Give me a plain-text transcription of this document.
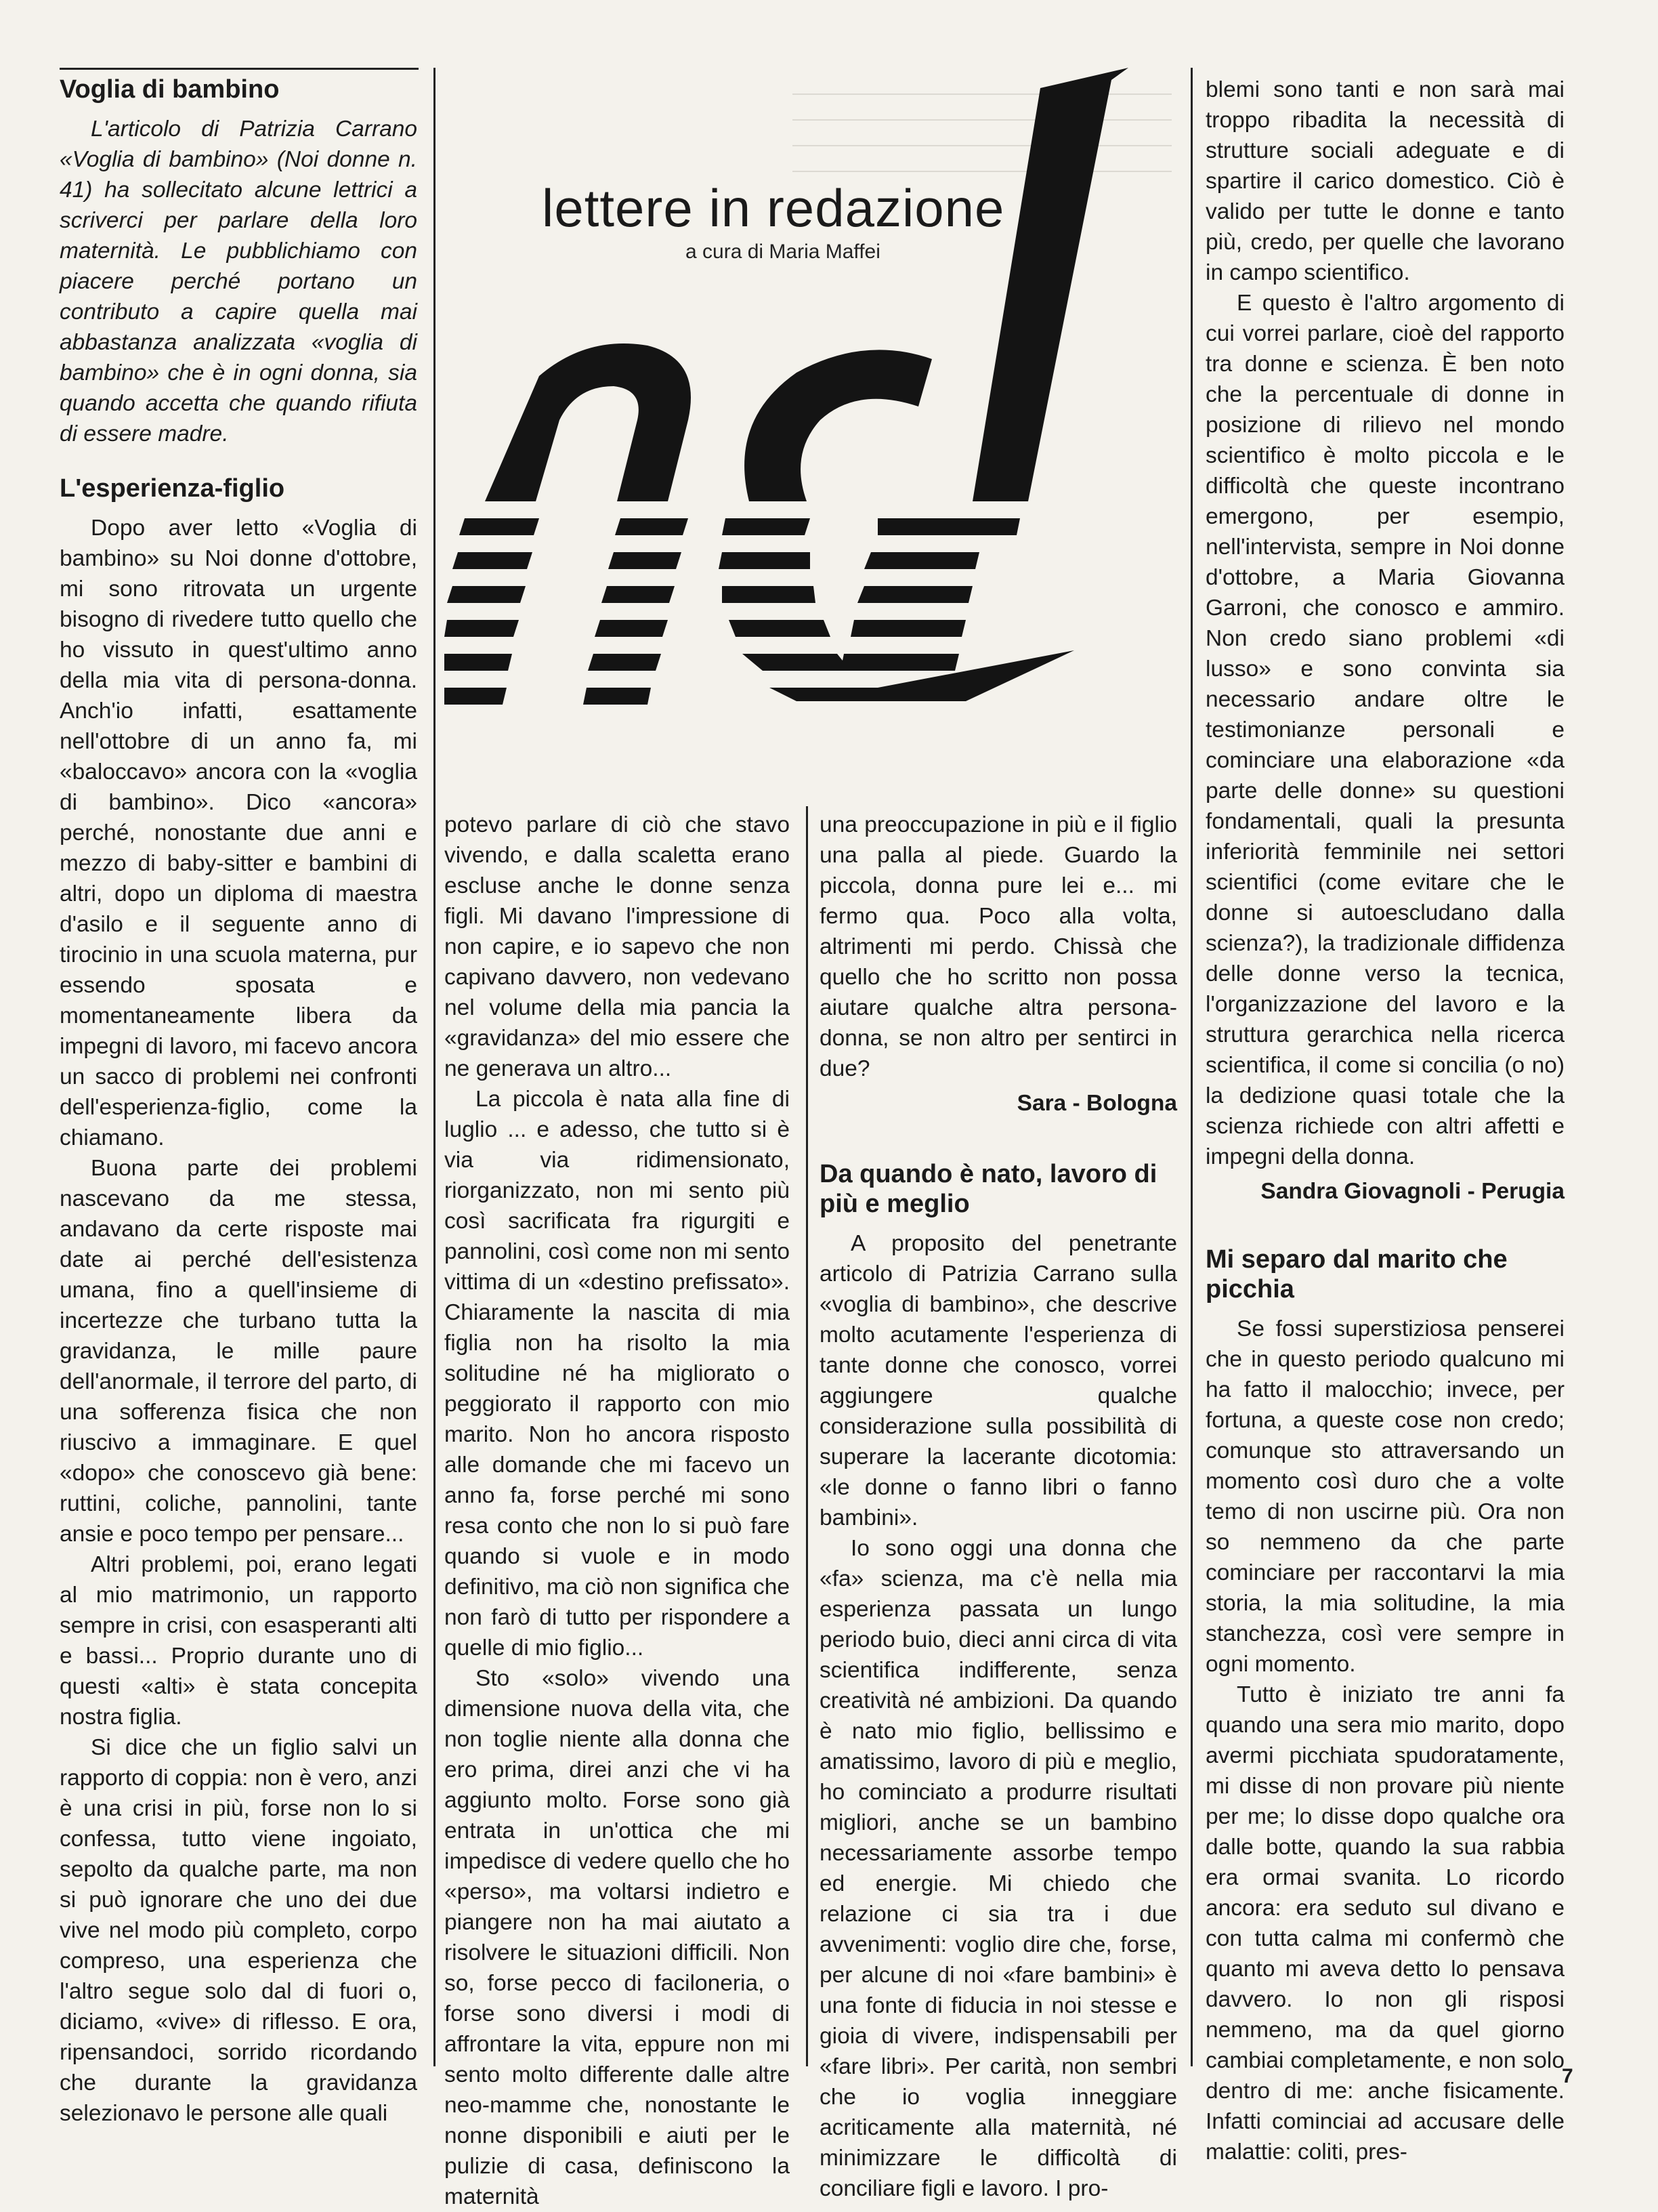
Voglia di bambino

L'articolo di Patrizia Carrano «Voglia di bambino» (Noi donne n. 41) ha sollecitato alcune lettrici a scriverci per parlare della loro maternità. Le pubblichiamo con piacere perché portano un contributo a capire quella mai abbastanza analizzata «voglia di bambino» che è in ogni donna, sia quando accetta che quando rifiuta di essere madre.

L'esperienza-figlio

Dopo aver letto «Voglia di bambino» su Noi donne d'ottobre, mi sono ritrovata un urgente bisogno di rivedere tutto quello che ho vissuto in quest'ultimo anno della mia vita di persona-donna. Anch'io infatti, esattamente nell'ottobre di un anno fa, mi «baloccavo» ancora con la «voglia di bambino». Dico «ancora» perché, nonostante due anni e mezzo di baby-sitter e bambini di altri, dopo un diploma di maestra d'asilo e il seguente anno di tirocinio in una scuola materna, pur essendo sposata e momentaneamente libera da impegni di lavoro, mi facevo ancora un sacco di problemi nei confronti dell'esperienza-figlio, come la chiamano.

Buona parte dei problemi nascevano da me stessa, andavano da certe risposte mai date ai perché dell'esistenza umana, fino a quell'insieme di incertezze che turbano tutta la gravidanza, le mille paure dell'anormale, il terrore del parto, di una sofferenza fisica che non riuscivo a immaginare. E quel «dopo» che conoscevo già bene: ruttini, coliche, pannolini, tante ansie e poco tempo per pensare...

Altri problemi, poi, erano legati al mio matrimonio, un rapporto sempre in crisi, con esasperanti alti e bassi... Proprio durante uno di questi «alti» è stata concepita nostra figlia.

Si dice che un figlio salvi un rapporto di coppia: non è vero, anzi è una crisi in più, forse non lo si confessa, tutto viene ingoiato, sepolto da qualche parte, ma non si può ignorare che uno dei due vive nel modo più completo, corpo compreso, una esperienza che l'altro segue solo dal di fuori o, diciamo, «vive» di riflesso. E ora, ripensandoci, sorrido ricordando che durante la gravidanza selezionavo le persone alle quali

lettere in redazione
a cura di Maria Maffei

potevo parlare di ciò che stavo vivendo, e dalla scaletta erano escluse anche le donne senza figli. Mi davano l'impressione di non capire, e io sapevo che non capivano davvero, non vedevano nel volume della mia pancia la «gravidanza» del mio essere che ne generava un altro...

La piccola è nata alla fine di luglio ... e adesso, che tutto si è via via ridimensionato, riorganizzato, non mi sento più così sacrificata fra rigurgiti e pannolini, così come non mi sento vittima di un «destino prefissato». Chiaramente la nascita di mia figlia non ha risolto la mia solitudine né ha migliorato o peggiorato il rapporto con mio marito. Non ho ancora risposto alle domande che mi facevo un anno fa, forse perché mi sono resa conto che non lo si può fare quando si vuole e in modo definitivo, ma ciò non significa che non farò di tutto per rispondere a quelle di mio figlio...

Sto «solo» vivendo una dimensione nuova della vita, che non toglie niente alla donna che ero prima, direi anzi che vi ha aggiunto molto. Forse sono già entrata in un'ottica che mi impedisce di vedere quello che ho «perso», ma voltarsi indietro e piangere non ha mai aiutato a risolvere le situazioni difficili. Non so, forse pecco di faciloneria, o forse sono diversi i modi di affrontare la vita, eppure non mi sento molto differente dalle altre neo-mamme che, nonostante le nonne disponibili e aiuti per le pulizie di casa, definiscono la maternità

una preoccupazione in più e il figlio una palla al piede. Guardo la piccola, donna pure lei e... mi fermo qua. Poco alla volta, altrimenti mi perdo. Chissà che quello che ho scritto non possa aiutare qualche altra persona-donna, se non altro per sentirci in due?

Sara - Bologna

Da quando è nato, lavoro di più e meglio

A proposito del penetrante articolo di Patrizia Carrano sulla «voglia di bambino», che descrive molto acutamente l'esperienza di tante donne che conosco, vorrei aggiungere qualche considerazione sulla possibilità di superare la lacerante dicotomia: «le donne o fanno libri o fanno bambini».

Io sono oggi una donna che «fa» scienza, ma c'è nella mia esperienza passata un lungo periodo buio, dieci anni circa di vita scientifica indifferente, senza creatività né ambizioni. Da quando è nato mio figlio, bellissimo e amatissimo, lavoro di più e meglio, ho cominciato a produrre risultati migliori, anche se un bambino necessariamente assorbe tempo ed energie. Mi chiedo che relazione ci sia tra i due avvenimenti: voglio dire che, forse, per alcune di noi «fare bambini» è una fonte di fiducia in noi stesse e gioia di vivere, indispensabili per «fare libri». Per carità, non sembri che io voglia inneggiare acriticamente alla maternità, né minimizzare le difficoltà di conciliare figli e lavoro. I pro-

blemi sono tanti e non sarà mai troppo ribadita la necessità di strutture sociali adeguate e di spartire il carico domestico. Ciò è valido per tutte le donne e tanto più, credo, per quelle che lavorano in campo scientifico.

E questo è l'altro argomento di cui vorrei parlare, cioè del rapporto tra donne e scienza. È ben noto che la percentuale di donne in posizione di rilievo nel mondo scientifico è molto piccola e le difficoltà che queste incontrano emergono, per esempio, nell'intervista, sempre in Noi donne d'ottobre, a Maria Giovanna Garroni, che conosco e ammiro. Non credo siano problemi «di lusso» e sono convinta sia necessario andare oltre le testimonianze personali e cominciare una elaborazione «da parte delle donne» su questioni fondamentali, quali la presunta inferiorità femminile nei settori scientifici (come evitare che le donne si autoescludano dalla scienza?), la tradizionale diffidenza delle donne verso la tecnica, l'organizzazione del lavoro e la struttura gerarchica nella ricerca scientifica, il come si concilia (o no) la dedizione quasi totale che la scienza richiede con altri affetti e impegni della donna.

Sandra Giovagnoli - Perugia

Mi separo dal marito che picchia

Se fossi superstiziosa penserei che in questo periodo qualcuno mi ha fatto il malocchio; invece, per fortuna, a queste cose non credo; comunque sto attraversando un momento così duro che a volte temo di non uscirne più. Ora non so nemmeno da che parte cominciare per raccontarvi la mia storia, la mia solitudine, la mia stanchezza, così vere sempre in ogni momento.

Tutto è iniziato tre anni fa quando una sera mio marito, dopo avermi picchiata spudoratamente, mi disse di non provare più niente per me; lo disse dopo qualche ora dalle botte, quando la sua rabbia era ormai svanita. Lo ricordo ancora: era seduto sul divano e con tutta calma mi confermò che quanto mi aveva detto lo pensava davvero. Io non gli risposi nemmeno, ma da quel giorno cambiai completamente, e non solo dentro di me: anche fisicamente. Infatti cominciai ad accusare delle malattie: coliti, pres-

7
